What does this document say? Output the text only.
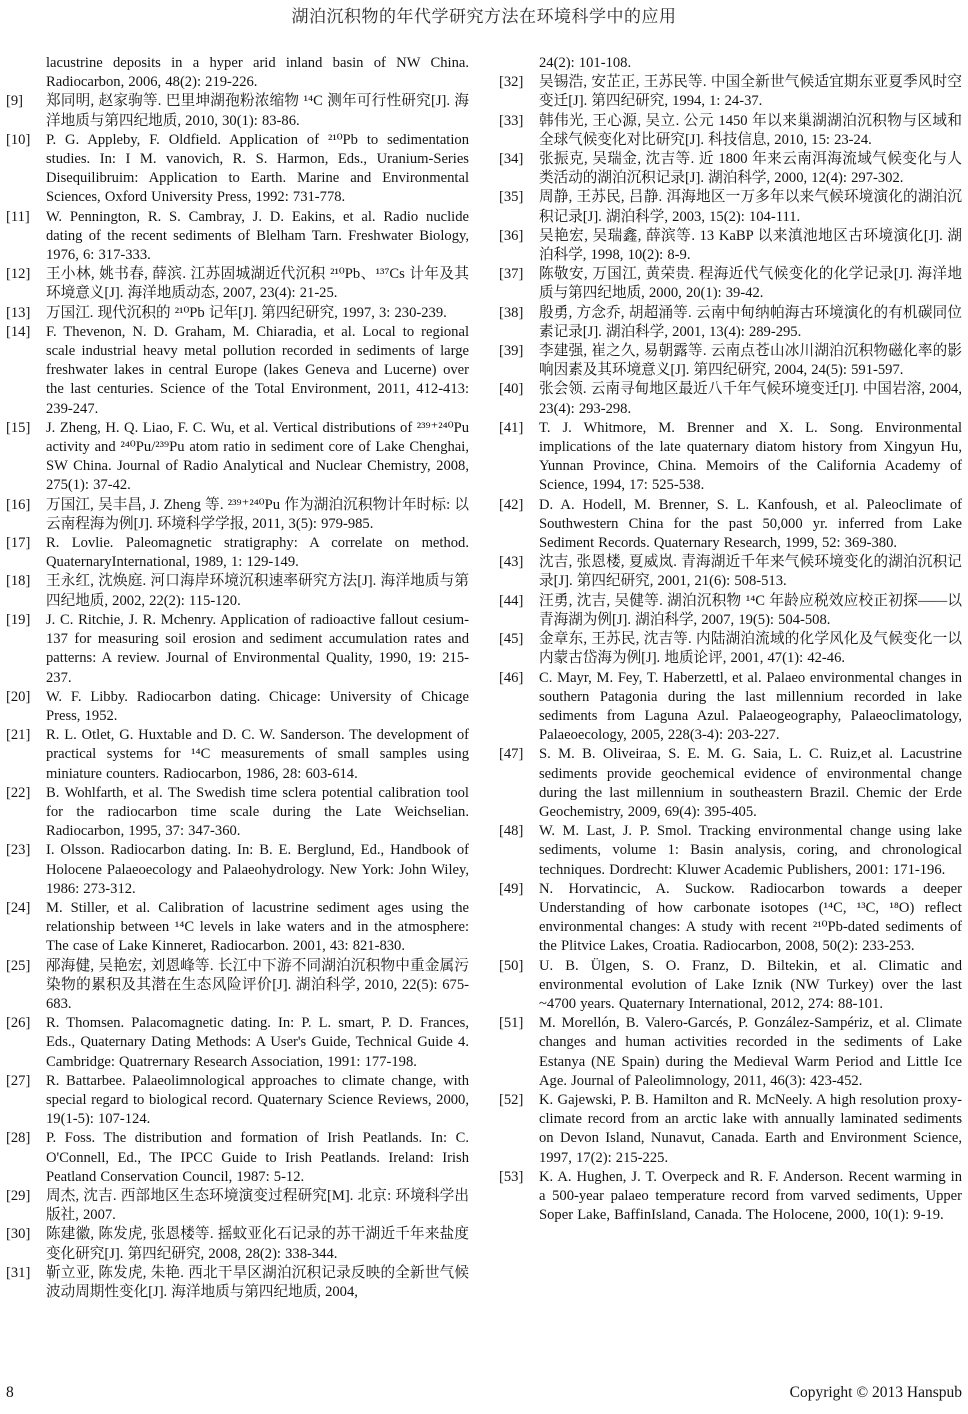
湖泊沉积物的年代学研究方法在环境科学中的应用
lacustrine deposits in a hyper arid inland basin of NW China. Radiocarbon, 2006, 48(2): 219-226.
[9]	郑同明, 赵家驹等. 巴里坤湖孢粉浓缩物 ¹⁴C 测年可行性研究[J]. 海洋地质与第四纪地质, 2010, 30(1): 83-86.
[10]	P. G. Appleby, F. Oldfield. Application of ²¹⁰Pb to sedimentation studies. In: I M. vanovich, R. S. Harmon, Eds., Uranium-Series Disequilibruim: Application to Earth. Marine and Environmental Sciences, Oxford University Press, 1992: 731-778.
[11]	W. Pennington, R. S. Cambray, J. D. Eakins, et al. Radio nuclide dating of the recent sediments of Blelham Tarn. Freshwater Biology, 1976, 6: 317-333.
[12]	王小林, 姚书春, 薛滨. 江苏固城湖近代沉积 ²¹⁰Pb、¹³⁷Cs 计年及其环境意义[J]. 海洋地质动态, 2007, 23(4): 21-25.
[13]	万国江. 现代沉积的 ²¹⁰Pb 记年[J]. 第四纪研究, 1997, 3: 230-239.
[14]	F. Thevenon, N. D. Graham, M. Chiaradia, et al. Local to regional scale industrial heavy metal pollution recorded in sediments of large freshwater lakes in central Europe (lakes Geneva and Lucerne) over the last centuries. Science of the Total Environment, 2011, 412-413: 239-247.
[15]	J. Zheng, H. Q. Liao, F. C. Wu, et al. Vertical distributions of ²³⁹⁺²⁴⁰Pu activity and ²⁴⁰Pu/²³⁹Pu atom ratio in sediment core of Lake Chenghai, SW China. Journal of Radio Analytical and Nuclear Chemistry, 2008, 275(1): 37-42.
[16]	万国江, 吴丰昌, J. Zheng 等. ²³⁹⁺²⁴⁰Pu 作为湖泊沉积物计年时标: 以云南程海为例[J]. 环境科学学报, 2011, 3(5): 979-985.
[17]	R. Lovlie. Paleomagnetic stratigraphy: A correlate on method. QuaternaryInternational, 1989, 1: 129-149.
[18]	王永红, 沈焕庭. 河口海岸环境沉积速率研究方法[J]. 海洋地质与第四纪地质, 2002, 22(2): 115-120.
[19]	J. C. Ritchie, J. R. Mchenry. Application of radioactive fallout cesium-137 for measuring soil erosion and sediment accumulation rates and patterns: A review. Journal of Environmental Quality, 1990, 19: 215-237.
[20]	W. F. Libby. Radiocarbon dating. Chicage: University of Chicage Press, 1952.
[21]	R. L. Otlet, G. Huxtable and D. C. W. Sanderson. The development of practical systems for ¹⁴C measurements of small samples using miniature counters. Radiocarbon, 1986, 28: 603-614.
[22]	B. Wohlfarth, et al. The Swedish time sclera potential calibration tool for the radiocarbon time scale during the Late Weichselian. Radiocarbon, 1995, 37: 347-360.
[23]	I. Olsson. Radiocarbon dating. In: B. E. Berglund, Ed., Handbook of Holocene Palaeoecology and Palaeohydrology. New York: John Wiley, 1986: 273-312.
[24]	M. Stiller, et al. Calibration of lacustrine sediment ages using the relationship between ¹⁴C levels in lake waters and in the atmosphere: The case of Lake Kinneret, Radiocarbon. 2001, 43: 821-830.
[25]	邴海健, 吴艳宏, 刘恩峰等. 长江中下游不同湖泊沉积物中重金属污染物的累积及其潜在生态风险评价[J]. 湖泊科学, 2010, 22(5): 675-683.
[26]	R. Thomsen. Palacomagnetic dating. In: P. L. smart, P. D. Frances, Eds., Quaternary Dating Methods: A User's Guide, Technical Guide 4. Cambridge: Quatrernary Research Association, 1991: 177-198.
[27]	R. Battarbee. Palaeolimnological approaches to climate change, with special regard to biological record. Quaternary Science Reviews, 2000, 19(1-5): 107-124.
[28]	P. Foss. The distribution and formation of Irish Peatlands. In: C. O'Connell, Ed., The IPCC Guide to Irish Peatlands. Ireland: Irish Peatland Conservation Council, 1987: 5-12.
[29]	周杰, 沈吉. 西部地区生态环境演变过程研究[M]. 北京: 环境科学出版社, 2007.
[30]	陈建徽, 陈发虎, 张恩楼等. 摇蚊亚化石记录的苏干湖近千年来盐度变化研究[J]. 第四纪研究, 2008, 28(2): 338-344.
[31]	靳立亚, 陈发虎, 朱艳. 西北干旱区湖泊沉积记录反映的全新世气候波动周期性变化[J]. 海洋地质与第四纪地质, 2004,
24(2): 101-108.
[32]	吴锡浩, 安芷正, 王苏民等. 中国全新世气候适宜期东亚夏季风时空变迁[J]. 第四纪研究, 1994, 1: 24-37.
[33]	韩伟光, 王心源, 吴立. 公元 1450 年以来巢湖湖泊沉积物与区域和全球气候变化对比研究[J]. 科技信息, 2010, 15: 23-24.
[34]	张振克, 吴瑞金, 沈吉等. 近 1800 年来云南洱海流域气候变化与人类活动的湖泊沉积记录[J]. 湖泊科学, 2000, 12(4): 297-302.
[35]	周静, 王苏民, 吕静. 洱海地区一万多年以来气候环境演化的湖泊沉积记录[J]. 湖泊科学, 2003, 15(2): 104-111.
[36]	吴艳宏, 吴瑞鑫, 薛滨等. 13 KaBP 以来滇池地区古环境演化[J]. 湖泊科学, 1998, 10(2): 8-9.
[37]	陈敬安, 万国江, 黄荣贵. 程海近代气候变化的化学记录[J]. 海洋地质与第四纪地质, 2000, 20(1): 39-42.
[38]	殷勇, 方念乔, 胡超涌等. 云南中甸纳帕海古环境演化的有机碳同位素记录[J]. 湖泊科学, 2001, 13(4): 289-295.
[39]	李建强, 崔之久, 易朝露等. 云南点苍山冰川湖泊沉积物磁化率的影响因素及其环境意义[J]. 第四纪研究, 2004, 24(5): 591-597.
[40]	张会领. 云南寻甸地区最近八千年气候环境变迁[J]. 中国岩溶, 2004, 23(4): 293-298.
[41]	T. J. Whitmore, M. Brenner and X. L. Song. Environmental implications of the late quaternary diatom history from Xingyun Hu, Yunnan Province, China. Memoirs of the California Academy of Science, 1994, 17: 525-538.
[42]	D. A. Hodell, M. Brenner, S. L. Kanfoush, et al. Paleoclimate of Southwestern China for the past 50,000 yr. inferred from Lake Sediment Records. Quaternary Research, 1999, 52: 369-380.
[43]	沈吉, 张恩楼, 夏威岚. 青海湖近千年来气候环境变化的湖泊沉积记录[J]. 第四纪研究, 2001, 21(6): 508-513.
[44]	汪勇, 沈吉, 吴健等. 湖泊沉积物 ¹⁴C 年龄应税效应校正初探——以青海湖为例[J]. 湖泊科学, 2007, 19(5): 504-508.
[45]	金章东, 王苏民, 沈吉等. 内陆湖泊流域的化学风化及气候变化一以内蒙古岱海为例[J]. 地质论评, 2001, 47(1): 42-46.
[46]	C. Mayr, M. Fey, T. Haberzettl, et al. Palaeo environmental changes in southern Patagonia during the last millennium recorded in lake sediments from Laguna Azul. Palaeogeography, Palaeoclimatology, Palaeoecology, 2005, 228(3-4): 203-227.
[47]	S. M. B. Oliveiraa, S. E. M. G. Saia, L. C. Ruiz,et al. Lacustrine sediments provide geochemical evidence of environmental change during the last millennium in southeastern Brazil. Chemic der Erde Geochemistry, 2009, 69(4): 395-405.
[48]	W. M. Last, J. P. Smol. Tracking environmental change using lake sediments, volume 1: Basin analysis, coring, and chronological techniques. Dordrecht: Kluwer Academic Publishers, 2001: 171-196.
[49]	N. Horvatincic, A. Suckow. Radiocarbon towards a deeper Understanding of how carbonate isotopes (¹⁴C, ¹³C, ¹⁸O) reflect environmental changes: A study with recent ²¹⁰Pb-dated sediments of the Plitvice Lakes, Croatia. Radiocarbon, 2008, 50(2): 233-253.
[50]	U. B. Ülgen, S. O. Franz, D. Biltekin, et al. Climatic and environmental evolution of Lake Iznik (NW Turkey) over the last ~4700 years. Quaternary International, 2012, 274: 88-101.
[51]	M. Morellón, B. Valero-Garcés, P. González-Sampériz, et al. Climate changes and human activities recorded in the sediments of Lake Estanya (NE Spain) during the Medieval Warm Period and Little Ice Age. Journal of Paleolimnology, 2011, 46(3): 423-452.
[52]	K. Gajewski, P. B. Hamilton and R. McNeely. A high resolution proxy-climate record from an arctic lake with annually laminated sediments on Devon Island, Nunavut, Canada. Earth and Environment Science, 1997, 17(2): 215-225.
[53]	K. A. Hughen, J. T. Overpeck and R. F. Anderson. Recent warming in a 500-year palaeo temperature record from varved sediments, Upper Soper Lake, BaffinIsland, Canada. The Holocene, 2000, 10(1): 9-19.
8	Copyright © 2013 Hanspub
